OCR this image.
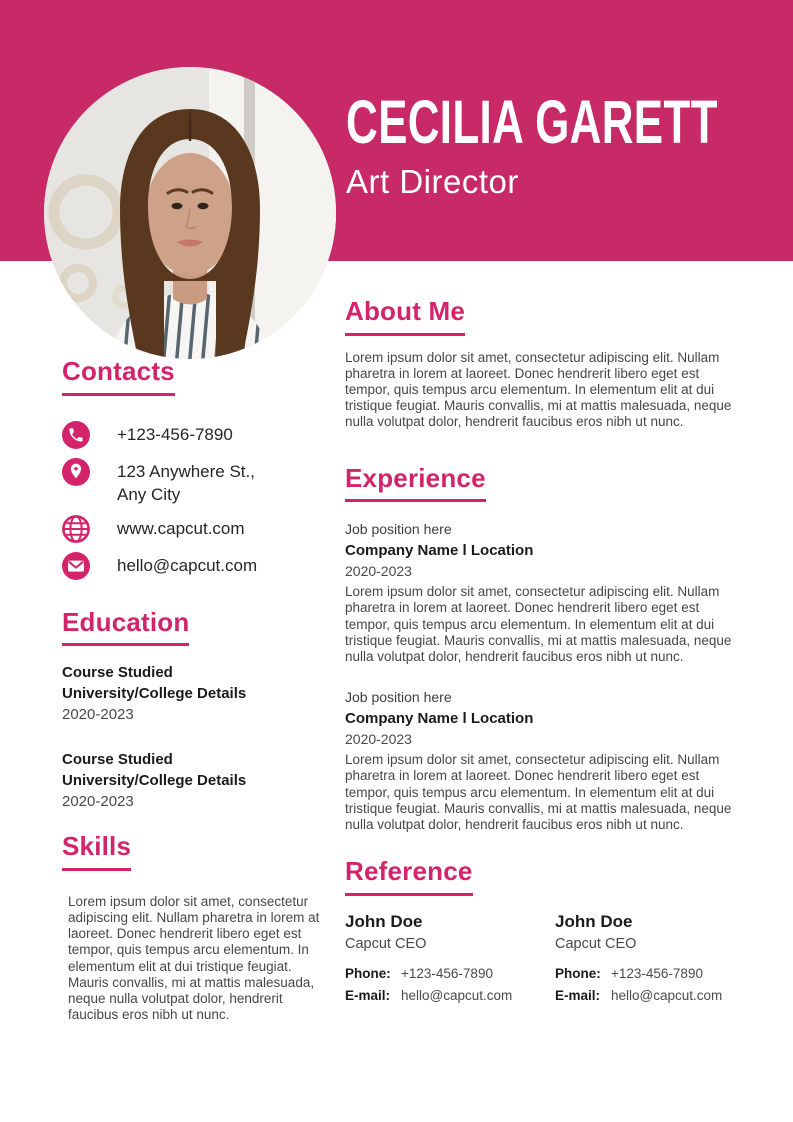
CECILIA GARETT
Art Director
Contacts
+123-456-7890
123 Anywhere St.,
Any City
www.capcut.com
hello@capcut.com
Education
Course Studied
University/College Details
2020-2023
Course Studied
University/College Details
2020-2023
Skills
Lorem ipsum dolor sit amet, consectetur adipiscing elit. Nullam pharetra in lorem at laoreet. Donec hendrerit libero eget est tempor, quis tempus arcu elementum. In elementum elit at dui tristique feugiat. Mauris convallis, mi at mattis malesuada, neque nulla volutpat dolor, hendrerit faucibus eros nibh ut nunc.
About Me
Lorem ipsum dolor sit amet, consectetur adipiscing elit. Nullam pharetra in lorem at laoreet. Donec hendrerit libero eget est tempor, quis tempus arcu elementum. In elementum elit at dui tristique feugiat. Mauris convallis, mi at mattis malesuada, neque nulla volutpat dolor, hendrerit faucibus eros nibh ut nunc.
Experience
Job position here
Company Name l Location
2020-2023
Lorem ipsum dolor sit amet, consectetur adipiscing elit. Nullam pharetra in lorem at laoreet. Donec hendrerit libero eget est tempor, quis tempus arcu elementum. In elementum elit at dui tristique feugiat. Mauris convallis, mi at mattis malesuada, neque nulla volutpat dolor, hendrerit faucibus eros nibh ut nunc.
Job position here
Company Name l Location
2020-2023
Lorem ipsum dolor sit amet, consectetur adipiscing elit. Nullam pharetra in lorem at laoreet. Donec hendrerit libero eget est tempor, quis tempus arcu elementum. In elementum elit at dui tristique feugiat. Mauris convallis, mi at mattis malesuada, neque nulla volutpat dolor, hendrerit faucibus eros nibh ut nunc.
Reference
John Doe
Capcut CEO
Phone: +123-456-7890
E-mail: hello@capcut.com
John Doe
Capcut CEO
Phone: +123-456-7890
E-mail: hello@capcut.com
